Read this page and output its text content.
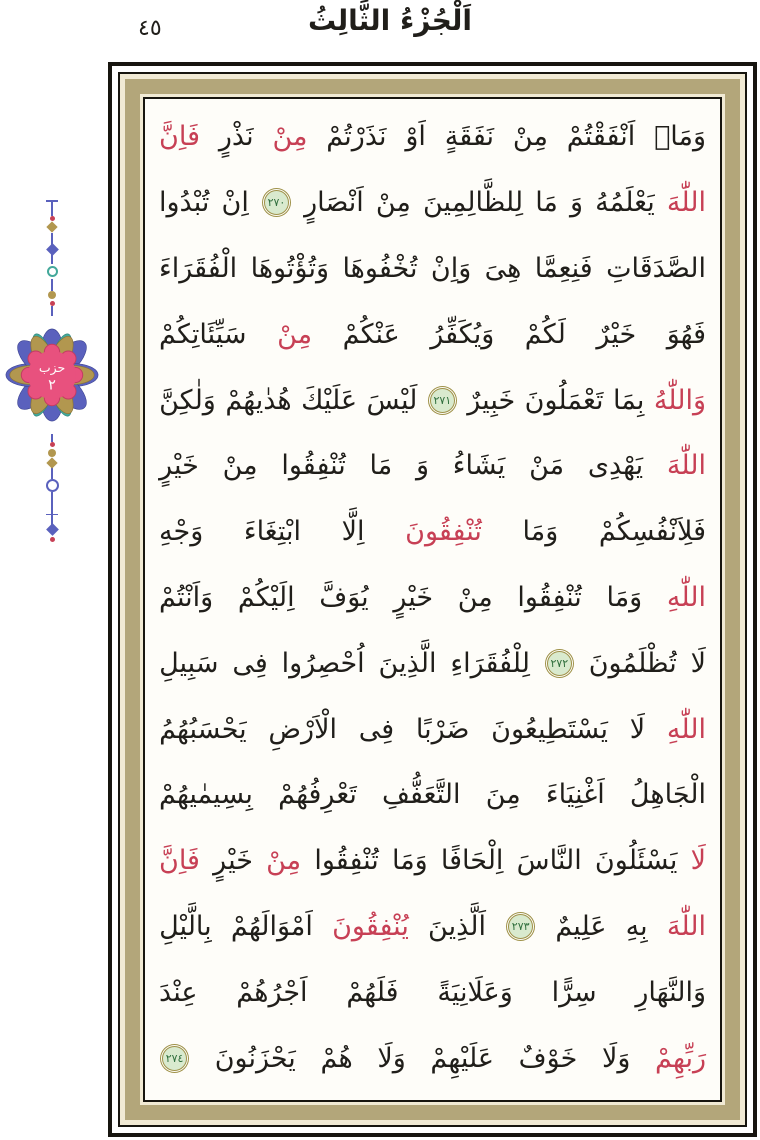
اَلْجُزْءُ الثَّالِثُ
٤٥
حزب
٢
وَمَاۤ
اَنْفَقْتُمْ
مِنْ
نَفَقَةٍ
اَوْ
نَذَرْتُمْ
مِنْ
نَذْرٍ
فَاِنَّ
اللّٰهَ
يَعْلَمُهُ
وَ
مَا
لِلظَّالِمِينَ
مِنْ
اَنْصَارٍ
٢٧٠
اِنْ
تُبْدُوا
الصَّدَقَاتِ
فَنِعِمَّا
هِىَ
وَاِنْ
تُخْفُوهَا
وَتُؤْتُوهَا
الْفُقَرَاءَ
فَهُوَ
خَيْرٌ
لَكُمْ
وَيُكَفِّرُ
عَنْكُمْ
مِنْ
سَيِّئَاتِكُمْ
وَاللّٰهُ
بِمَا
تَعْمَلُونَ
خَبِيرٌ
٢٧١
لَيْسَ
عَلَيْكَ
هُدٰيهُمْ
وَلٰكِنَّ
اللّٰهَ
يَهْدِى
مَنْ
يَشَاءُ
وَ
مَا
تُنْفِقُوا
مِنْ
خَيْرٍ
فَلِاَنْفُسِكُمْ
وَمَا
تُنْفِقُونَ
اِلَّا
ابْتِغَاءَ
وَجْهِ
اللّٰهِ
وَمَا
تُنْفِقُوا
مِنْ
خَيْرٍ
يُوَفَّ
اِلَيْكُمْ
وَاَنْتُمْ
لَا
تُظْلَمُونَ
٢٧٢
لِلْفُقَرَاءِ
الَّذِينَ
اُحْصِرُوا
فِى
سَبِيلِ
اللّٰهِ
لَا
يَسْتَطِيعُونَ
ضَرْبًا
فِى
الْاَرْضِ
يَحْسَبُهُمُ
الْجَاهِلُ
اَغْنِيَاءَ
مِنَ
التَّعَفُّفِ
تَعْرِفُهُمْ
بِسِيمٰيهُمْ
لَا
يَسْئَلُونَ
النَّاسَ
اِلْحَافًا
وَمَا
تُنْفِقُوا
مِنْ
خَيْرٍ
فَاِنَّ
اللّٰهَ
بِهِ
عَلِيمٌ
٢٧٣
اَلَّذِينَ
يُنْفِقُونَ
اَمْوَالَهُمْ
بِالَّيْلِ
وَالنَّهَارِ
سِرًّا
وَعَلَانِيَةً
فَلَهُمْ
اَجْرُهُمْ
عِنْدَ
رَبِّهِمْ
وَلَا
خَوْفٌ
عَلَيْهِمْ
وَلَا
هُمْ
يَحْزَنُونَ
٢٧٤
